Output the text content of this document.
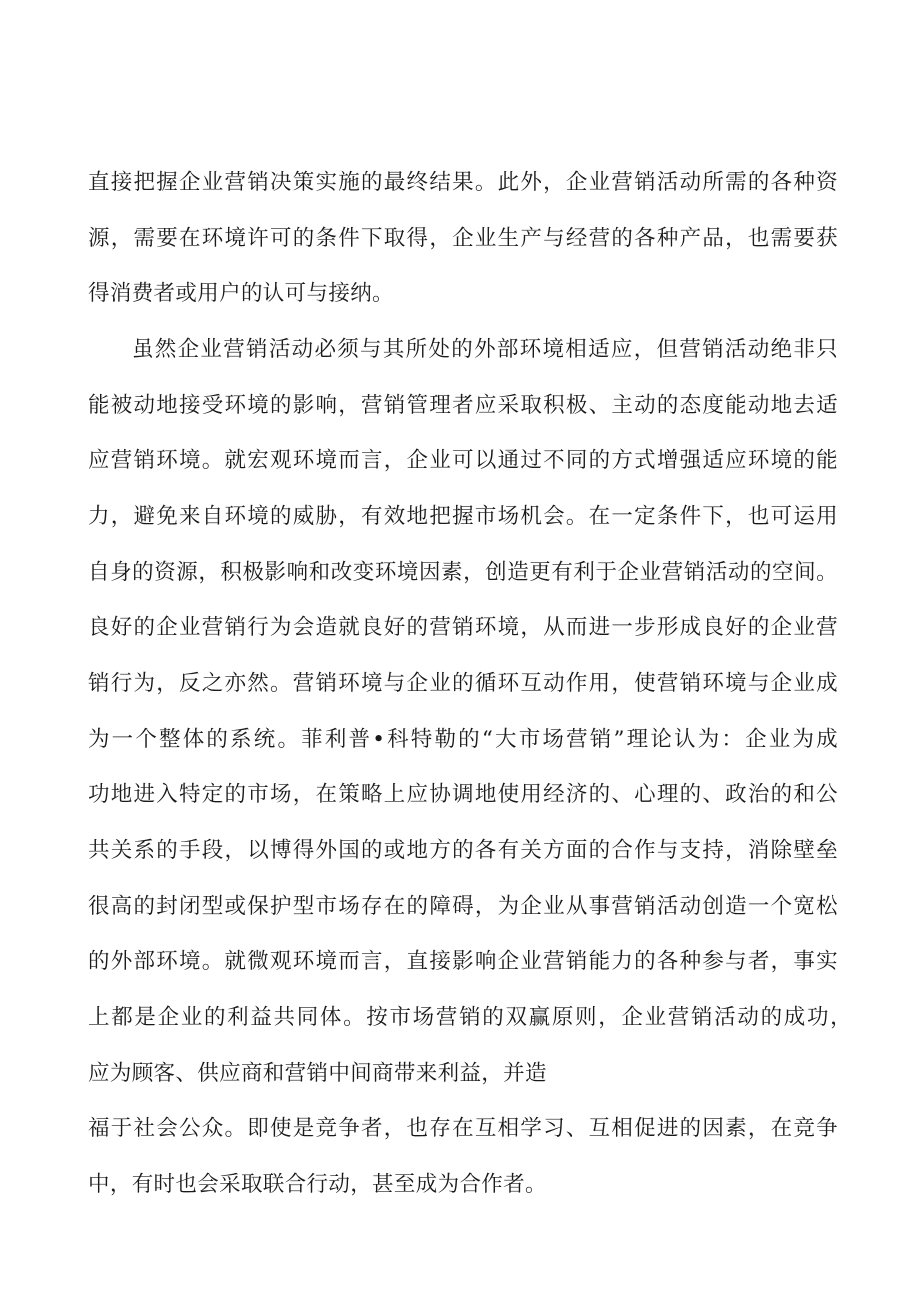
直接把握企业营销决策实施的最终结果。此外，企业营销活动所需的各种资
源，需要在环境许可的条件下取得，企业生产与经营的各种产品，也需要获
得消费者或用户的认可与接纳。
虽然企业营销活动必须与其所处的外部环境相适应，但营销活动绝非只
能被动地接受环境的影响，营销管理者应采取积极、主动的态度能动地去适
应营销环境。就宏观环境而言，企业可以通过不同的方式增强适应环境的能
力，避免来自环境的威胁，有效地把握市场机会。在一定条件下，也可运用
自身的资源，积极影响和改变环境因素，创造更有利于企业营销活动的空间。
良好的企业营销行为会造就良好的营销环境，从而进一步形成良好的企业营
销行为，反之亦然。营销环境与企业的循环互动作用，使营销环境与企业成
为一个整体的系统。菲利普•科特勒的“大市场营销”理论认为：企业为成
功地进入特定的市场，在策略上应协调地使用经济的、心理的、政治的和公
共关系的手段，以博得外国的或地方的各有关方面的合作与支持，消除壁垒
很高的封闭型或保护型市场存在的障碍，为企业从事营销活动创造一个宽松
的外部环境。就微观环境而言，直接影响企业营销能力的各种参与者，事实
上都是企业的利益共同体。按市场营销的双赢原则，企业营销活动的成功，
应为顾客、供应商和营销中间商带来利益，并造
福于社会公众。即使是竞争者，也存在互相学习、互相促进的因素，在竞争
中，有时也会采取联合行动，甚至成为合作者。
